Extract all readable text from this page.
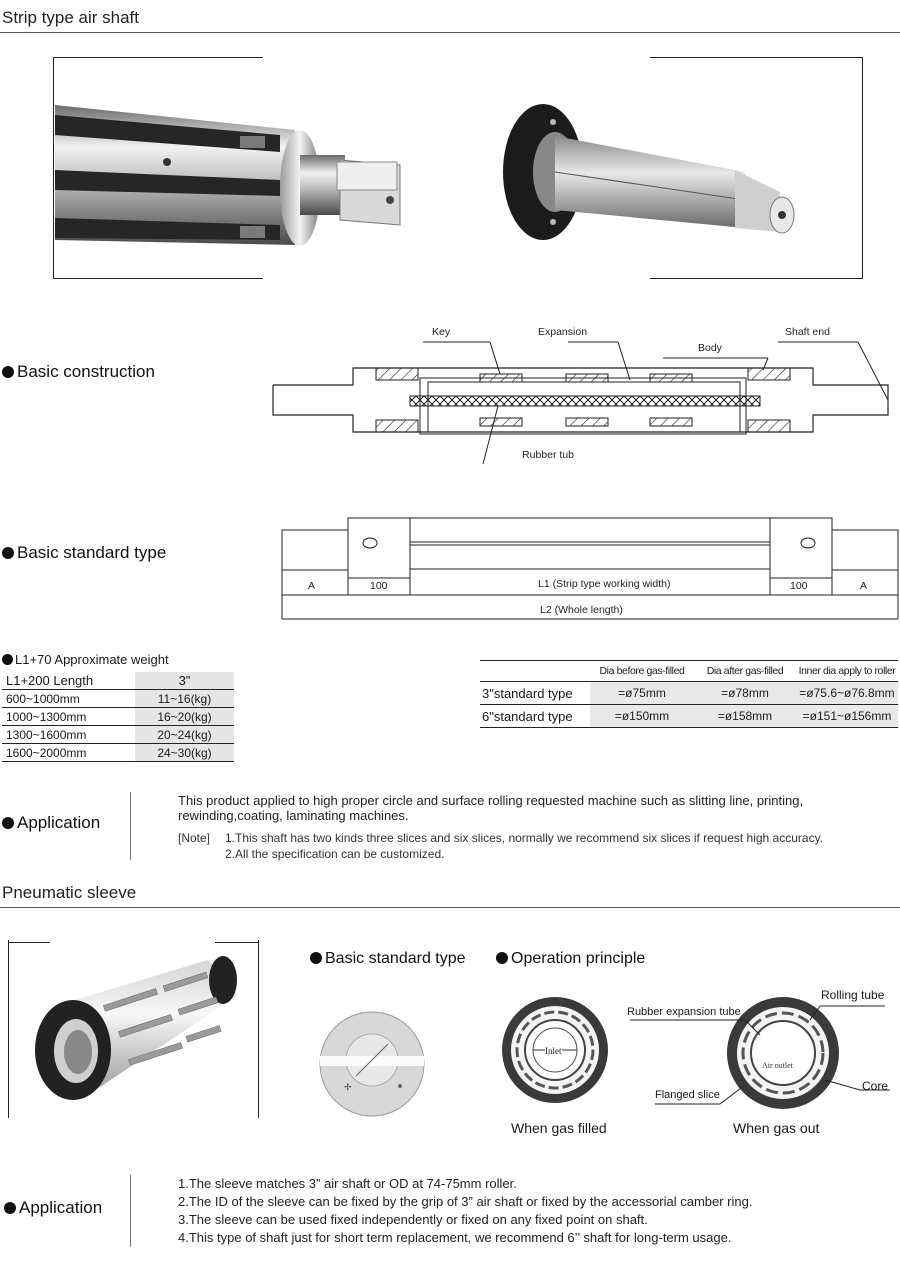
Strip type air shaft
Basic construction
Key	Expansion
Body
Shaft end
Rubber tub
Basic standard type
A	100	L1 (Strip type working width)	100	A
L2 (Whole length)
L1+70 Approximate weight
L1+200 Length	3"
600~1000mm	11~16(kg)
1000~1300mm	16~20(kg)
1300~1600mm	20~24(kg)
1600~2000mm	24~30(kg)
	Dia before gas-filled	Dia after gas-filled	Inner dia apply to roller
3"standard type	=ø75mm	=ø78mm	=ø75.6~ø76.8mm
6"standard type	=ø150mm	=ø158mm	=ø151~ø156mm
Application
This product applied to high proper circle and surface rolling requested machine such as slitting line, printing, rewinding,coating, laminating machines.
[Note] 1.This shaft has two kinds three slices and six slices, normally we recommend six slices if request high accuracy.
2.All the specification can be customized.
Pneumatic sleeve
Basic standard type	Operation principle
✢
Inlet
When gas filled
Air outlet
When gas out
Rubber expansion tube
Rolling tube
Flanged slice
Core
Application
1.The sleeve matches 3” air shaft or OD at 74-75mm roller.
2.The ID of the sleeve can be fixed by the grip of 3” air shaft or fixed by the accessorial camber ring.
3.The sleeve can be used fixed independently or fixed on any fixed point on shaft.
4.This type of shaft just for short term replacement, we recommend 6’’ shaft for long-term usage.
